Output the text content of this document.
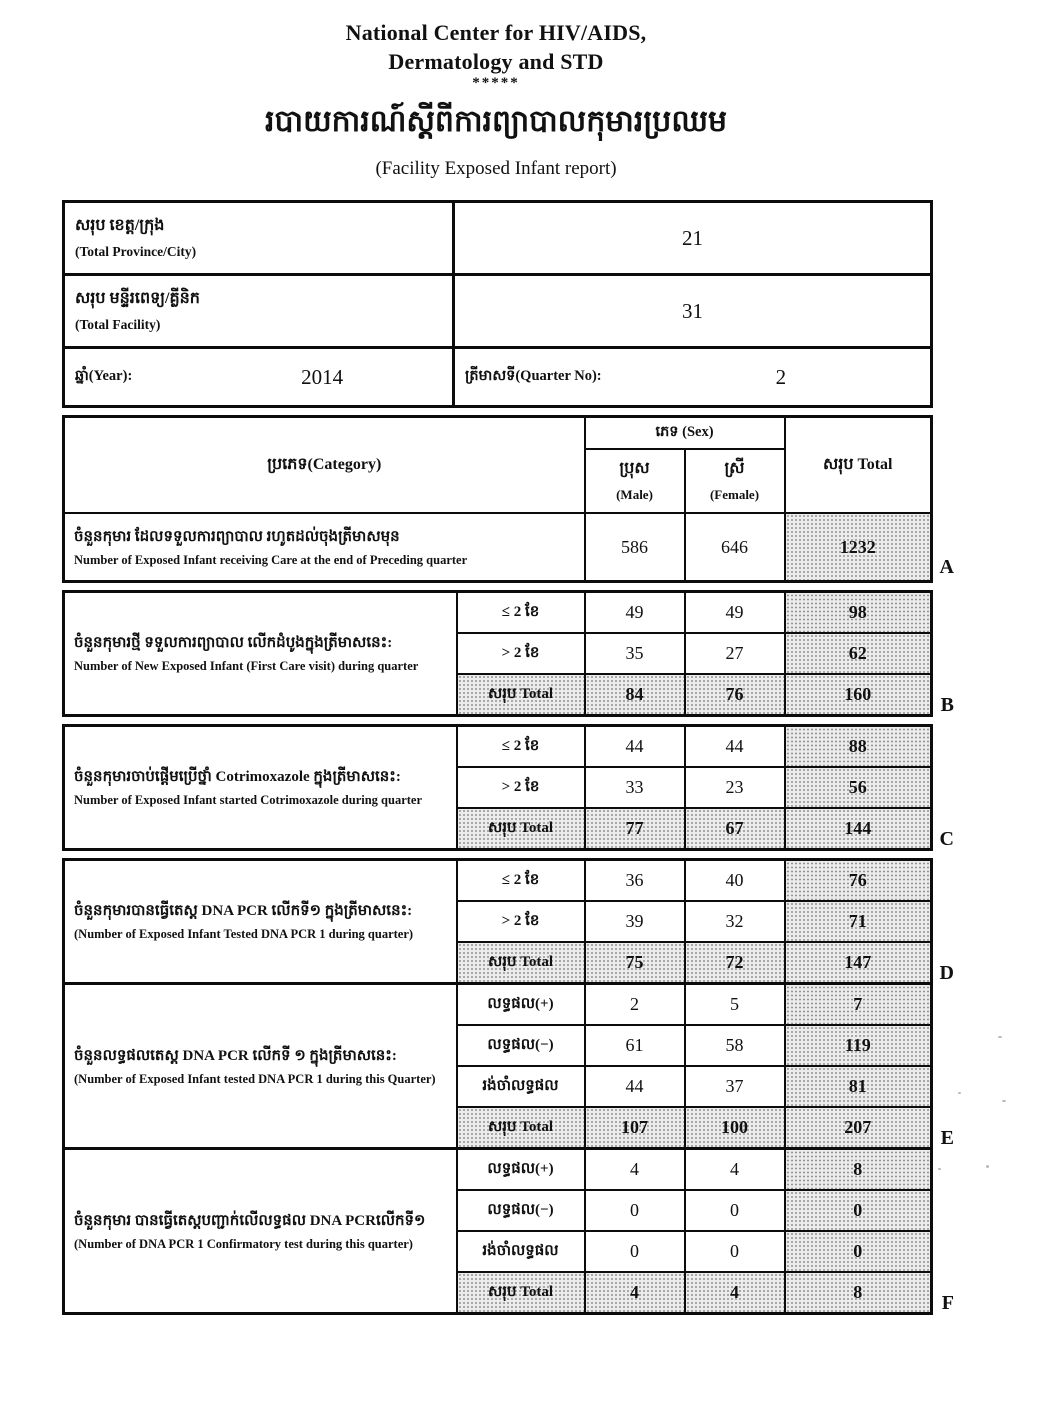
National Center for HIV/AIDS,
Dermatology and STD
*****
របាយការណ៍ស្ដីពីការព្យាបាលកុមារប្រឈម
(Facility Exposed Infant report)
សរុប ខេត្ត/ក្រុង
(Total Province/City)	21

សរុប មន្ទីរពេទ្យ/គ្លីនិក
(Total Facility)	31

ឆ្នាំ(Year): 2014	ត្រីមាសទី(Quarter No): 2
ប្រភេទ(Category)	ភេទ (Sex)		សរុប Total

ប្រុស
(Male)

ស្រី
(Female)

ចំនួនកុមារ ដែលទទួលការព្យាបាល រហូតដល់ចុងត្រីមាសមុន
Number of Exposed Infant receiving Care at the end of Preceding quarter	586	646	1232
A
ចំនួនកុមារថ្មី ទទួលការព្យាបាល លើកដំបូងក្នុងត្រីមាសនេះ:
Number of New Exposed Infant (First Care visit) during quarter	≤ 2 ខែ	49	49	98
	> 2 ខែ	35	27	62
	សរុប Total	84	76	160	B
ចំនួនកុមារចាប់ផ្ដើមប្រើថ្នាំ Cotrimoxazole ក្នុងត្រីមាសនេះ:
Number of Exposed Infant started Cotrimoxazole during quarter	≤ 2 ខែ	44	44	88
	> 2 ខែ	33	23	56
	សរុប Total	77	67	144	C
ចំនួនកុមារបានធ្វើតេស្ដ DNA PCR លើកទី១ ក្នុងត្រីមាសនេះ:
(Number of Exposed Infant Tested DNA PCR 1 during quarter)	≤ 2 ខែ	36	40	76
	> 2 ខែ	39	32	71
	សរុប Total	75	72	147	D
ចំនួនលទ្ធផលតេស្ដ DNA PCR លើកទី ១ ក្នុងត្រីមាសនេះ:
(Number of Exposed Infant tested DNA PCR 1 during this Quarter)	លទ្ធផល(+)	2	5	7
	លទ្ធផល(−)	61	58	119
	រង់ចាំលទ្ធផល	44	37	81
	សរុប Total	107	100	207	E
ចំនួនកុមារ បានធ្វើតេស្ដបញ្ជាក់លើលទ្ធផល DNA PCRលើកទី១
(Number of DNA PCR 1 Confirmatory test during this quarter)	លទ្ធផល(+)	4	4	8
	លទ្ធផល(−)	0	0	0
	រង់ចាំលទ្ធផល	0	0	0
	សរុប Total	4	4	8	F
